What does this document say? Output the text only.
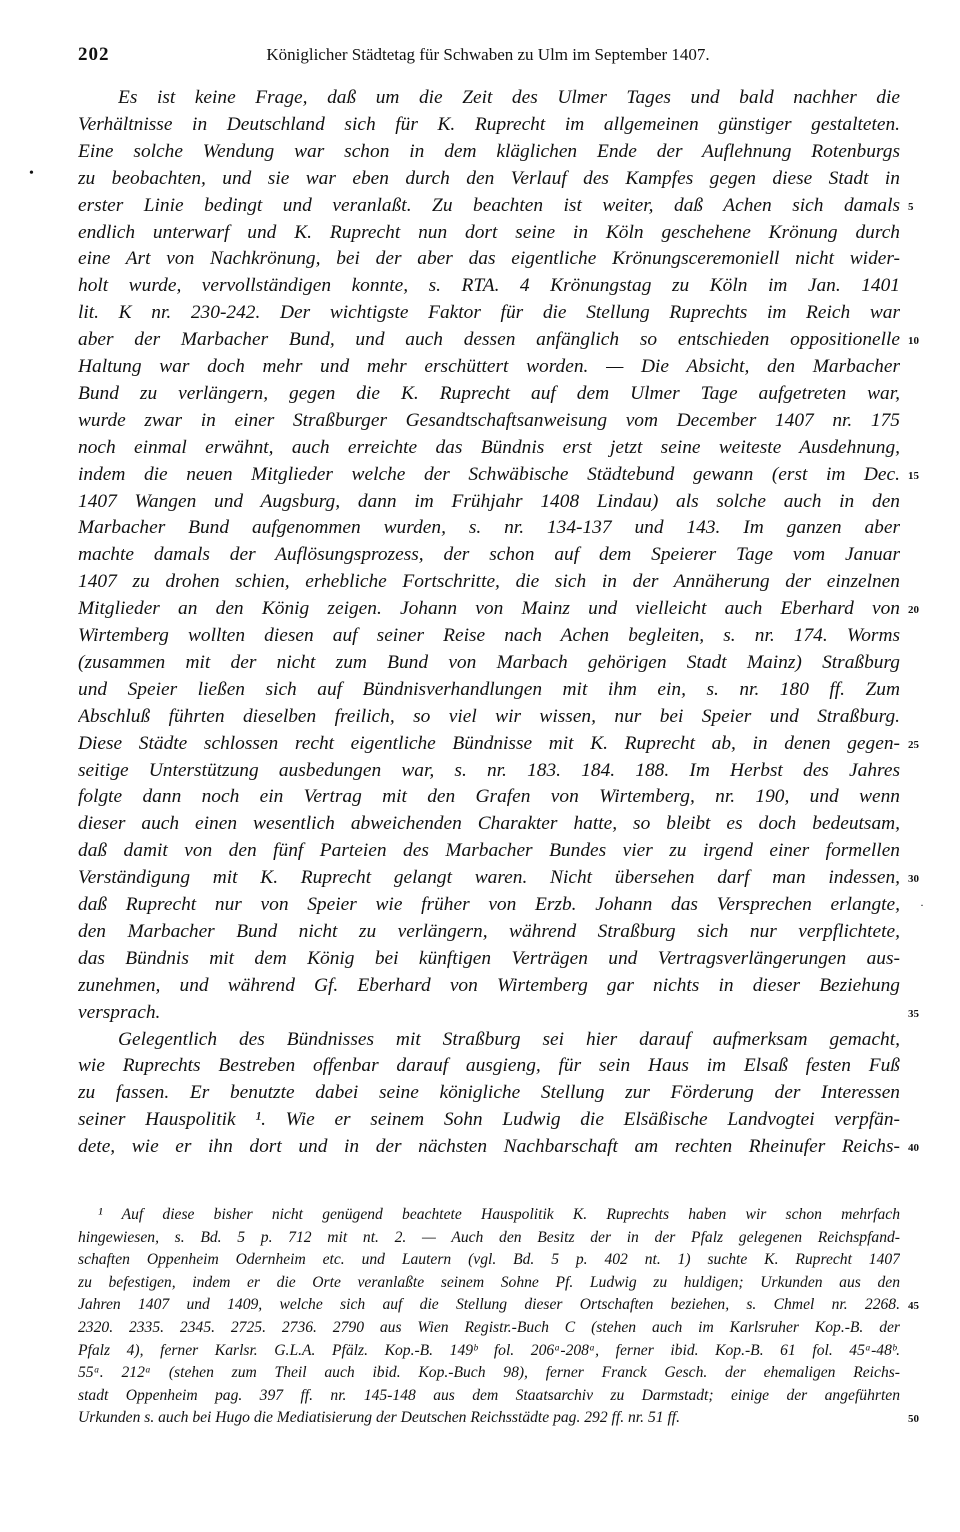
202	Königlicher Städtetag für Schwaben zu Ulm im September 1407.
•
·
Es ist keine Frage, daß um die Zeit des Ulmer Tages und bald nachher die
Verhältnisse in Deutschland sich für K. Ruprecht im allgemeinen günstiger gestalteten.
Eine solche Wendung war schon in dem kläglichen Ende der Auflehnung Rotenburgs
zu beobachten, und sie war eben durch den Verlauf des Kampfes gegen diese Stadt in
erster Linie bedingt und veranlaßt. Zu beachten ist weiter, daß Achen sich damals
endlich unterwarf und K. Ruprecht nun dort seine in Köln geschehene Krönung durch
eine Art von Nachkrönung, bei der aber das eigentliche Krönungsceremoniell nicht wider-
holt wurde, vervollständigen konnte, s. RTA. 4 Krönungstag zu Köln im Jan. 1401
lit. K nr. 230-242. Der wichtigste Faktor für die Stellung Ruprechts im Reich war
aber der Marbacher Bund, und auch dessen anfänglich so entschieden oppositionelle
Haltung war doch mehr und mehr erschüttert worden. — Die Absicht, den Marbacher
Bund zu verlängern, gegen die K. Ruprecht auf dem Ulmer Tage aufgetreten war,
wurde zwar in einer Straßburger Gesandtschaftsanweisung vom December 1407 nr. 175
noch einmal erwähnt, auch erreichte das Bündnis erst jetzt seine weiteste Ausdehnung,
indem die neuen Mitglieder welche der Schwäbische Städtebund gewann (erst im Dec.
1407 Wangen und Augsburg, dann im Frühjahr 1408 Lindau) als solche auch in den
Marbacher Bund aufgenommen wurden, s. nr. 134-137 und 143. Im ganzen aber
machte damals der Auflösungsprozess, der schon auf dem Speierer Tage vom Januar
1407 zu drohen schien, erhebliche Fortschritte, die sich in der Annäherung der einzelnen
Mitglieder an den König zeigen. Johann von Mainz und vielleicht auch Eberhard von
Wirtemberg wollten diesen auf seiner Reise nach Achen begleiten, s. nr. 174. Worms
(zusammen mit der nicht zum Bund von Marbach gehörigen Stadt Mainz) Straßburg
und Speier ließen sich auf Bündnisverhandlungen mit ihm ein, s. nr. 180 ff. Zum
Abschluß führten dieselben freilich, so viel wir wissen, nur bei Speier und Straßburg.
Diese Städte schlossen recht eigentliche Bündnisse mit K. Ruprecht ab, in denen gegen-
seitige Unterstützung ausbedungen war, s. nr. 183. 184. 188. Im Herbst des Jahres
folgte dann noch ein Vertrag mit den Grafen von Wirtemberg, nr. 190, und wenn
dieser auch einen wesentlich abweichenden Charakter hatte, so bleibt es doch bedeutsam,
daß damit von den fünf Parteien des Marbacher Bundes vier zu irgend einer formellen
Verständigung mit K. Ruprecht gelangt waren. Nicht übersehen darf man indessen,
daß Ruprecht nur von Speier wie früher von Erzb. Johann das Versprechen erlangte,
den Marbacher Bund nicht zu verlängern, während Straßburg sich nur verpflichtete,
das Bündnis mit dem König bei künftigen Verträgen und Vertragsverlängerungen aus-
zunehmen, und während Gf. Eberhard von Wirtemberg gar nichts in dieser Beziehung
versprach.
Gelegentlich des Bündnisses mit Straßburg sei hier darauf aufmerksam gemacht,
wie Ruprechts Bestreben offenbar darauf ausgieng, für sein Haus im Elsaß festen Fuß
zu fassen. Er benutzte dabei seine königliche Stellung zur Förderung der Interessen
seiner Hauspolitik ¹. Wie er seinem Sohn Ludwig die Elsäßische Landvogtei verpfän-
dete, wie er ihn dort und in der nächsten Nachbarschaft am rechten Rheinufer Reichs-
5
10
15
20
25
30
35
40
¹ Auf diese bisher nicht genügend beachtete Hauspolitik K. Ruprechts haben wir schon mehrfach
hingewiesen, s. Bd. 5 p. 712 mit nt. 2. — Auch den Besitz der in der Pfalz gelegenen Reichspfand-
schaften Oppenheim Odernheim etc. und Lautern (vgl. Bd. 5 p. 402 nt. 1) suchte K. Ruprecht 1407
zu befestigen, indem er die Orte veranlaßte seinem Sohne Pf. Ludwig zu huldigen; Urkunden aus den
Jahren 1407 und 1409, welche sich auf die Stellung dieser Ortschaften beziehen, s. Chmel nr. 2268.
2320. 2335. 2345. 2725. 2736. 2790 aus Wien Registr.-Buch C (stehen auch im Karlsruher Kop.-B. der
Pfalz 4), ferner Karlsr. G.L.A. Pfälz. Kop.-B. 149ᵇ fol. 206ᵃ-208ᵃ, ferner ibid. Kop.-B. 61 fol. 45ᵃ-48ᵇ.
55ᵃ. 212ᵃ (stehen zum Theil auch ibid. Kop.-Buch 98), ferner Franck Gesch. der ehemaligen Reichs-
stadt Oppenheim pag. 397 ff. nr. 145-148 aus dem Staatsarchiv zu Darmstadt; einige der angeführten
Urkunden s. auch bei Hugo die Mediatisierung der Deutschen Reichsstädte pag. 292 ff. nr. 51 ff.
45
50
